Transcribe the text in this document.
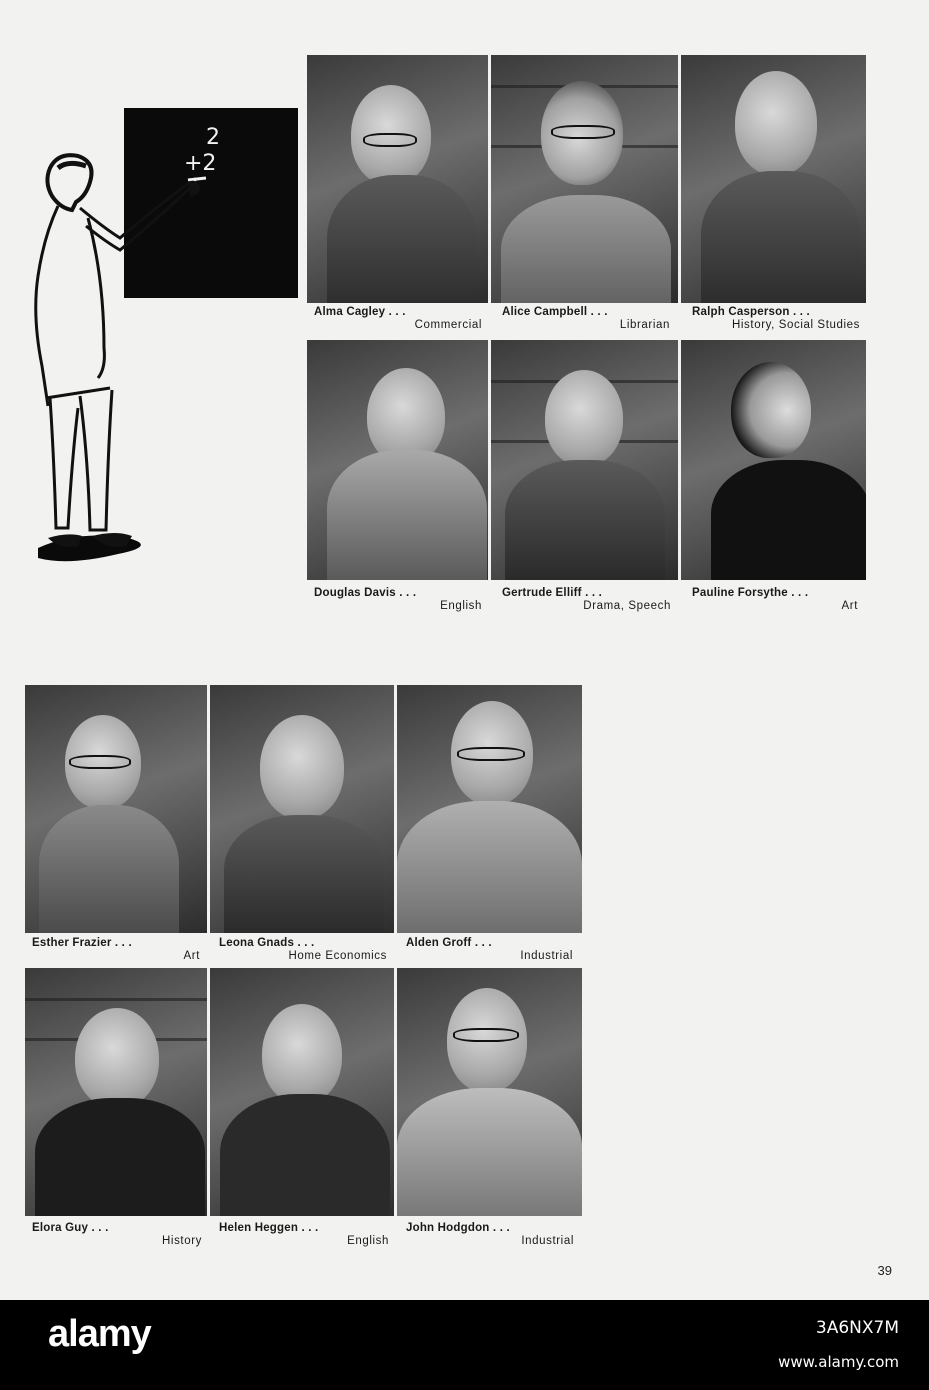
2
+2
Alma Cagley . . .
Commercial
Alice Campbell . . .
Librarian
Ralph Casperson . . .
History, Social Studies
Douglas Davis . . .
English
Gertrude Elliff . . .
Drama, Speech
Pauline Forsythe . . .
Art
Esther Frazier . . .
Art
Leona Gnads . . .
Home Economics
Alden Groff . . .
Industrial
Elora Guy . . .
History
Helen Heggen . . .
English
John Hodgdon . . .
Industrial
39
alamy	3A6NX7M
www.alamy.com
